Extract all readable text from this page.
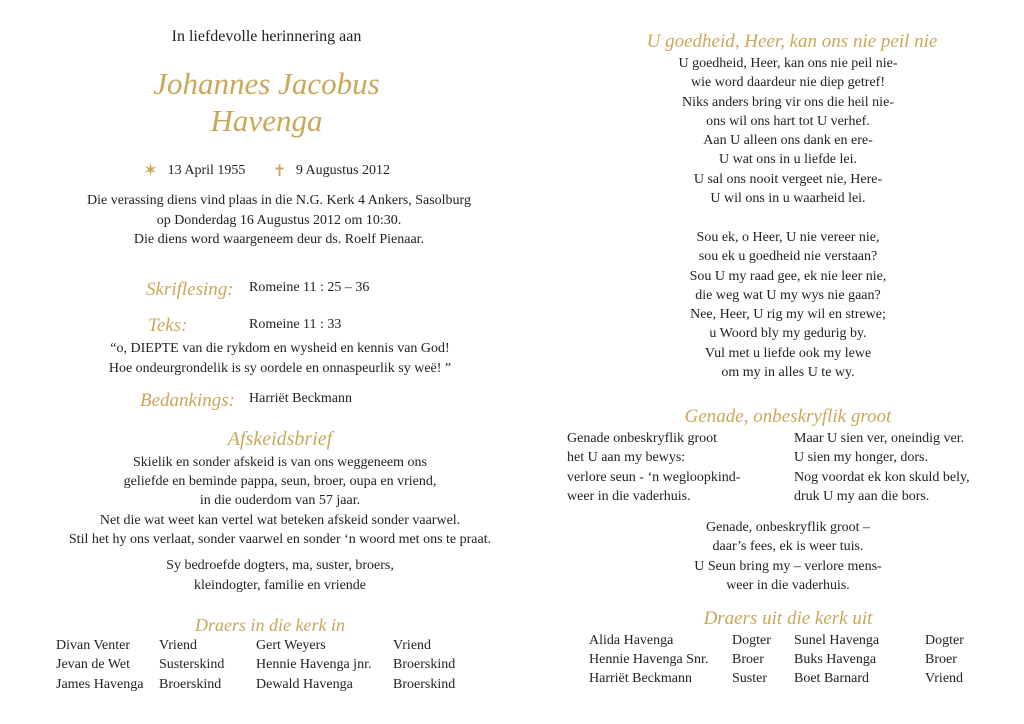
In liefdevolle herinnering aan
Johannes Jacobus
Havenga
✶ 13 April 1955 ✝ 9 Augustus 2012
Die verassing diens vind plaas in die N.G. Kerk 4 Ankers, Sasolburg
op Donderdag 16 Augustus 2012 om 10:30.
Die diens word waargeneem deur ds. Roelf Pienaar.
Skriflesing: Romeine 11 : 25 – 36
Teks:	Romeine 11 : 33
“o, DIEPTE van die rykdom en wysheid en kennis van God!
Hoe ondeurgrondelik is sy oordele en onnaspeurlik sy weë! ”
Bedankings: Harriët Beckmann
Afskeidsbrief
Skielik en sonder afskeid is van ons weggeneem ons
geliefde en beminde pappa, seun, broer, oupa en vriend,
in die ouderdom van 57 jaar.
Net die wat weet kan vertel wat beteken afskeid sonder vaarwel.
Stil het hy ons verlaat, sonder vaarwel en sonder ‘n woord met ons te praat.
Sy bedroefde dogters, ma, suster, broers,
kleindogter, familie en vriende
Draers in die kerk in
Divan Venter Vriend	Gert Weyers	Vriend
Jevan de Wet Susterskind Hennie Havenga jnr. Broerskind
James Havenga Broerskind Dewald Havenga	Broerskind
U goedheid, Heer, kan ons nie peil nie
U goedheid, Heer, kan ons nie peil nie-
wie word daardeur nie diep getref!
Niks anders bring vir ons die heil nie-
ons wil ons hart tot U verhef.
Aan U alleen ons dank en ere-
U wat ons in u liefde lei.
U sal ons nooit vergeet nie, Here-
U wil ons in u waarheid lei.
Sou ek, o Heer, U nie vereer nie,
sou ek u goedheid nie verstaan?
Sou U my raad gee, ek nie leer nie,
die weg wat U my wys nie gaan?
Nee, Heer, U rig my wil en strewe;
u Woord bly my gedurig by.
Vul met u liefde ook my lewe
om my in alles U te wy.
Genade, onbeskryflik groot
Genade onbeskryflik groot
het U aan my bewys:
verlore seun - ‘n wegloopkind-
weer in die vaderhuis.
Maar U sien ver, oneindig ver.
U sien my honger, dors.
Nog voordat ek kon skuld bely,
druk U my aan die bors.
Genade, onbeskryflik groot –
daar’s fees, ek is weer tuis.
U Seun bring my – verlore mens-
weer in die vaderhuis.
Draers uit die kerk uit
Alida Havenga	Dogter Sunel Havenga	Dogter
Hennie Havenga Snr. Broer Buks Havenga	Broer
Harriët Beckmann	Suster Boet Barnard	Vriend
